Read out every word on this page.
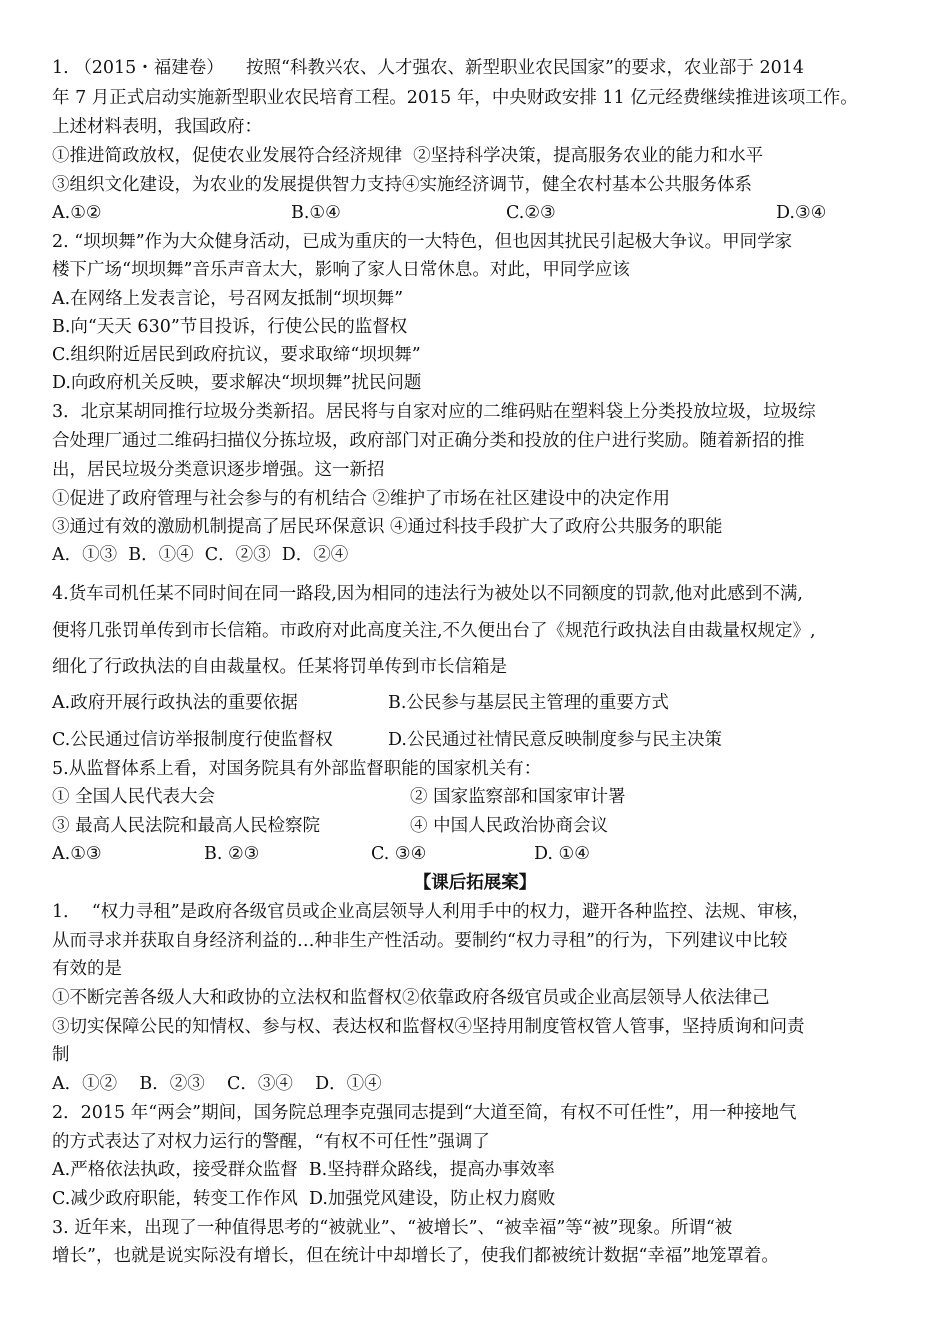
1. （2015・福建卷）    按照“科教兴农、人才强农、新型职业农民国家”的要求，农业部于 2014
年 7 月正式启动实施新型职业农民培育工程。2015 年，中央财政安排 11 亿元经费继续推进该项工作。
上述材料表明，我国政府：
①推进简政放权，促使农业发展符合经济规律  ②坚持科学决策，提高服务农业的能力和水平
③组织文化建设，为农业的发展提供智力支持④实施经济调节，健全农村基本公共服务体系
A.①②	B.①④	C.②③	D.③④
2. “坝坝舞”作为大众健身活动，已成为重庆的一大特色，但也因其扰民引起极大争议。甲同学家
楼下广场“坝坝舞”音乐声音太大，影响了家人日常休息。对此，甲同学应该
A.在网络上发表言论，号召网友抵制“坝坝舞”
B.向“天天 630”节目投诉，行使公民的监督权
C.组织附近居民到政府抗议，要求取缔“坝坝舞”
D.向政府机关反映，要求解决“坝坝舞”扰民问题
3．北京某胡同推行垃圾分类新招。居民将与自家对应的二维码贴在塑料袋上分类投放垃圾，垃圾综
合处理厂通过二维码扫描仪分拣垃圾，政府部门对正确分类和投放的住户进行奖励。随着新招的推
出，居民垃圾分类意识逐步增强。这一新招
①促进了政府管理与社会参与的有机结合 ②维护了市场在社区建设中的决定作用
③通过有效的激励机制提高了居民环保意识 ④通过科技手段扩大了政府公共服务的职能
A．①③  B．①④  C．②③  D．②④
4.货车司机任某不同时间在同一路段,因为相同的违法行为被处以不同额度的罚款,他对此感到不满,
便将几张罚单传到市长信箱。市政府对此高度关注,不久便出台了《规范行政执法自由裁量权规定》,
细化了行政执法的自由裁量权。任某将罚单传到市长信箱是
A.政府开展行政执法的重要依据	B.公民参与基层民主管理的重要方式
C.公民通过信访举报制度行使监督权	D.公民通过社情民意反映制度参与民主决策
5.从监督体系上看，对国务院具有外部监督职能的国家机关有：
① 全国人民代表大会	② 国家监察部和国家审计署
③ 最高人民法院和最高人民检察院	④ 中国人民政治协商会议
A.①③	B. ②③	C. ③④	D. ①④
【课后拓展案】
1．  “权力寻租”是政府各级官员或企业高层领导人利用手中的权力，避开各种监控、法规、审核，
从而寻求并获取自身经济利益的…种非生产性活动。要制约“权力寻租”的行为，下列建议中比较
有效的是
①不断完善各级人大和政协的立法权和监督权②依靠政府各级官员或企业高层领导人依法律己
③切实保障公民的知情权、参与权、表达权和监督权④坚持用制度管权管人管事，坚持质询和问责
制
A．①②    B．②③    C．③④    D．①④
2．2015 年“两会”期间，国务院总理李克强同志提到“大道至简，有权不可任性”，用一种接地气
的方式表达了对权力运行的警醒，“有权不可任性”强调了
A.严格依法执政，接受群众监督  B.坚持群众路线，提高办事效率
C.减少政府职能，转变工作作风  D.加强党风建设，防止权力腐败
3. 近年来，出现了一种值得思考的“被就业”、“被增长”、“被幸福”等“被”现象。所谓“被
增长”，也就是说实际没有增长，但在统计中却增长了，使我们都被统计数据“幸福”地笼罩着。
